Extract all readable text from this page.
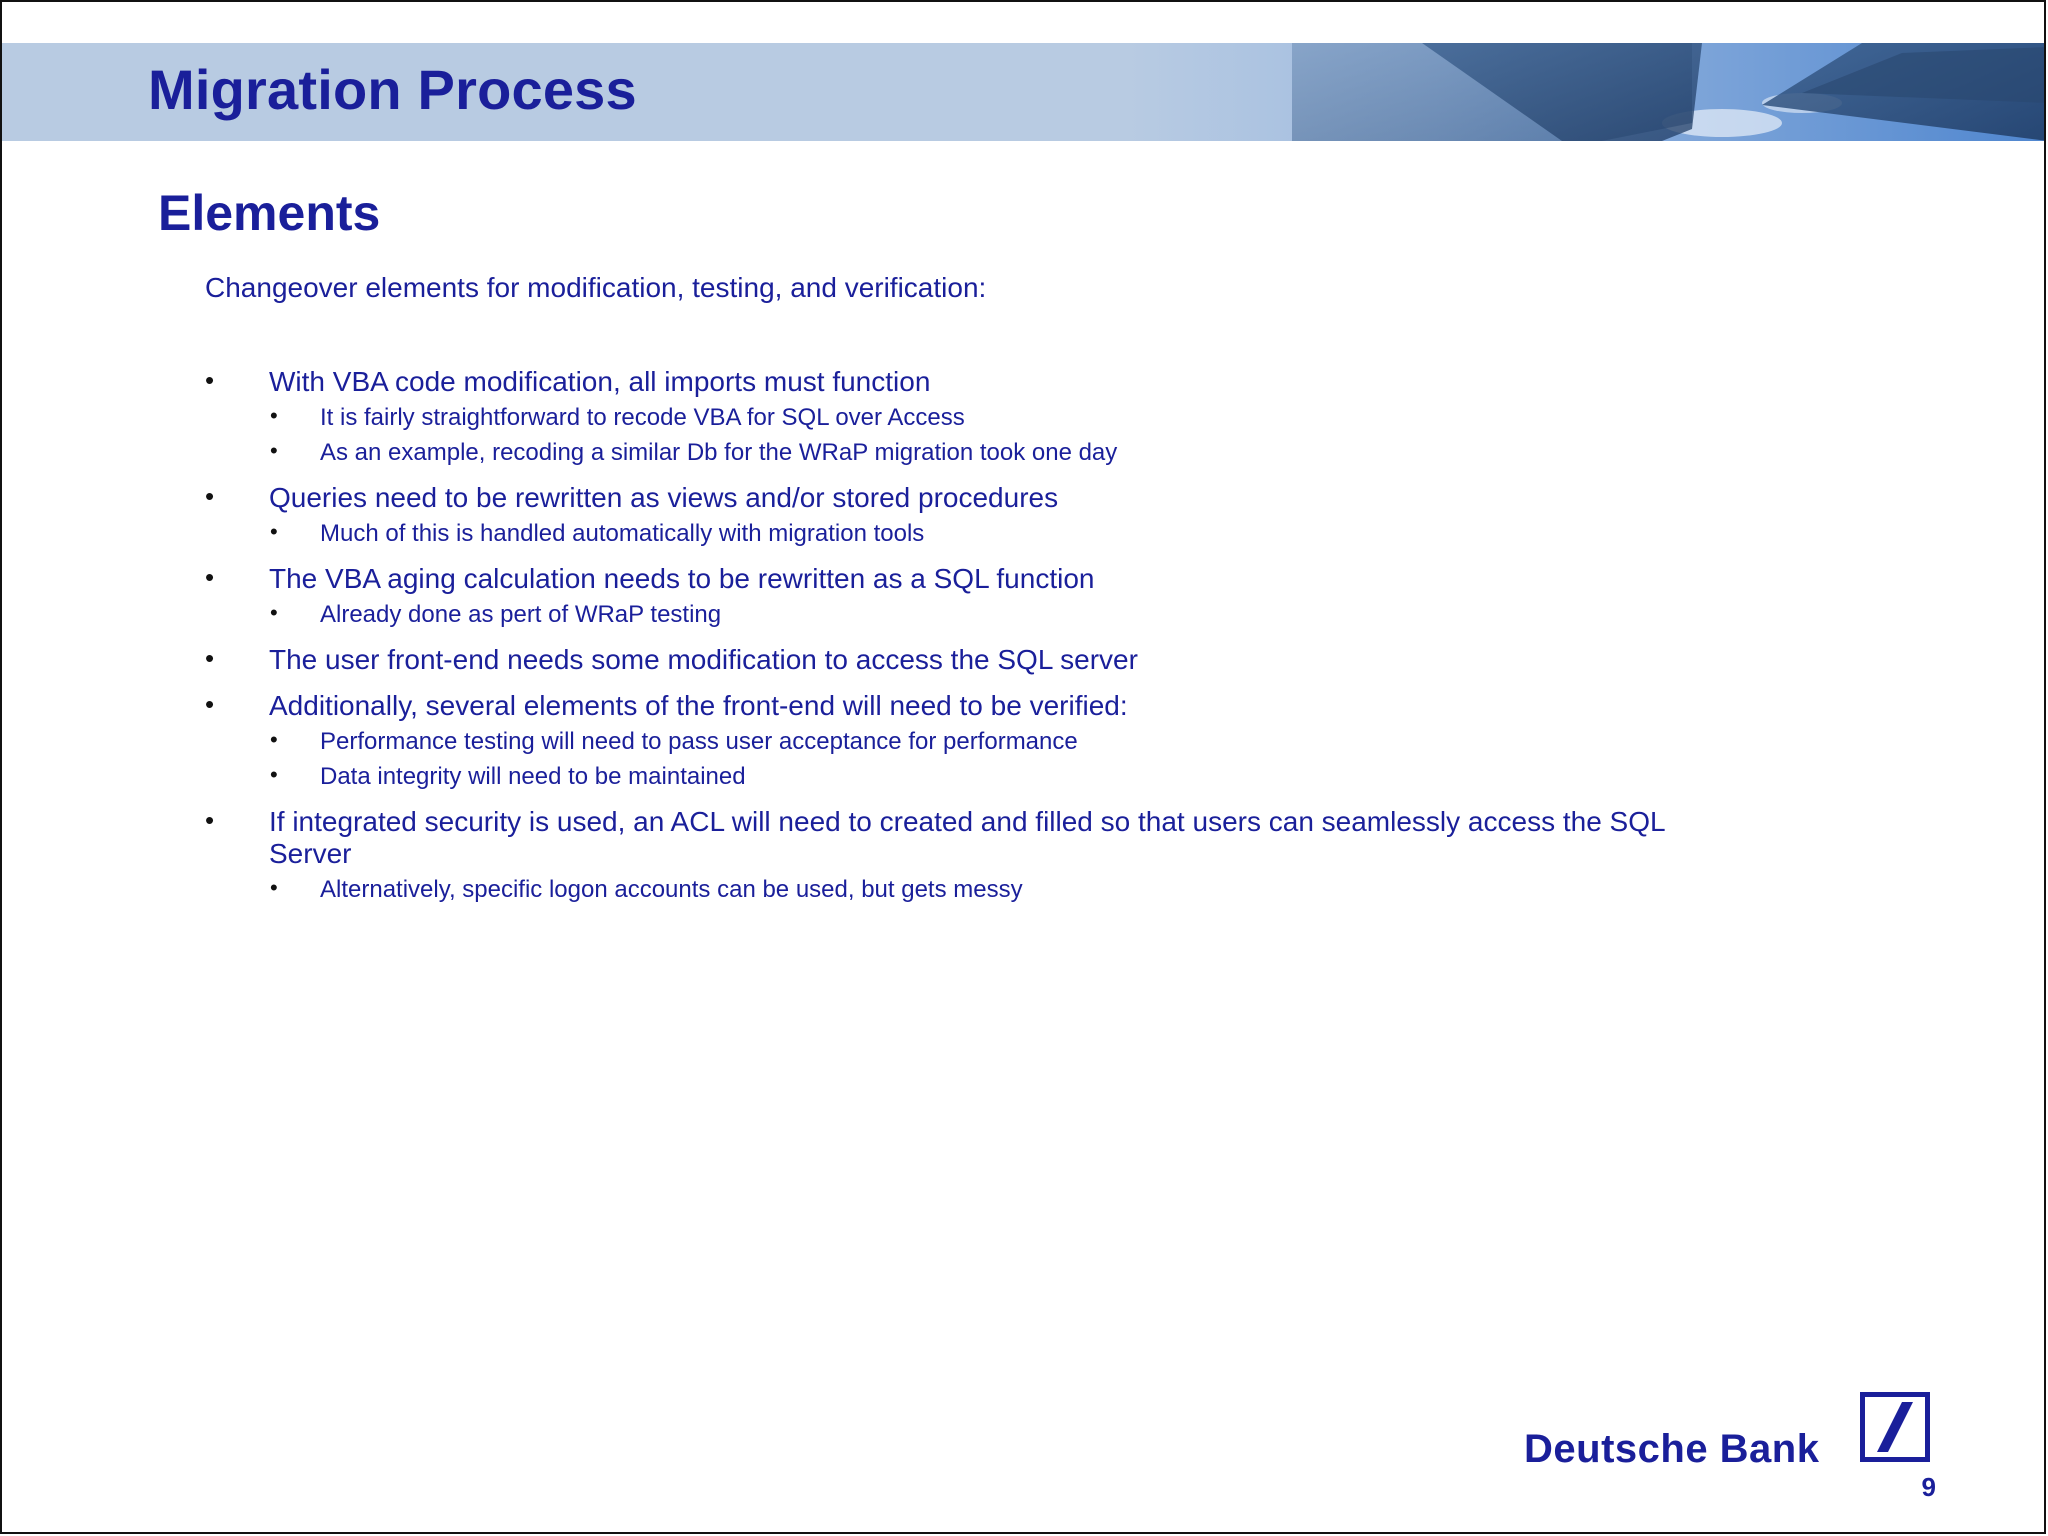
Migration Process
Elements
Changeover elements for modification, testing, and verification:
• With VBA code modification, all imports must function
• It is fairly straightforward to recode VBA for SQL over Access
• As an example, recoding a similar Db for the WRaP migration took one day
• Queries need to be rewritten as views and/or stored procedures
• Much of this is handled automatically with migration tools
• The VBA aging calculation needs to be rewritten as a SQL function
• Already done as pert of WRaP testing
• The user front-end needs some modification to access the SQL server
• Additionally, several elements of the front-end will need to be verified:
• Performance testing will need to pass user acceptance for performance
• Data integrity will need to be maintained
• If integrated security is used, an ACL will need to created and filled so that users can seamlessly access the SQL Server
• Alternatively, specific logon accounts can be used, but gets messy
Deutsche Bank
9
